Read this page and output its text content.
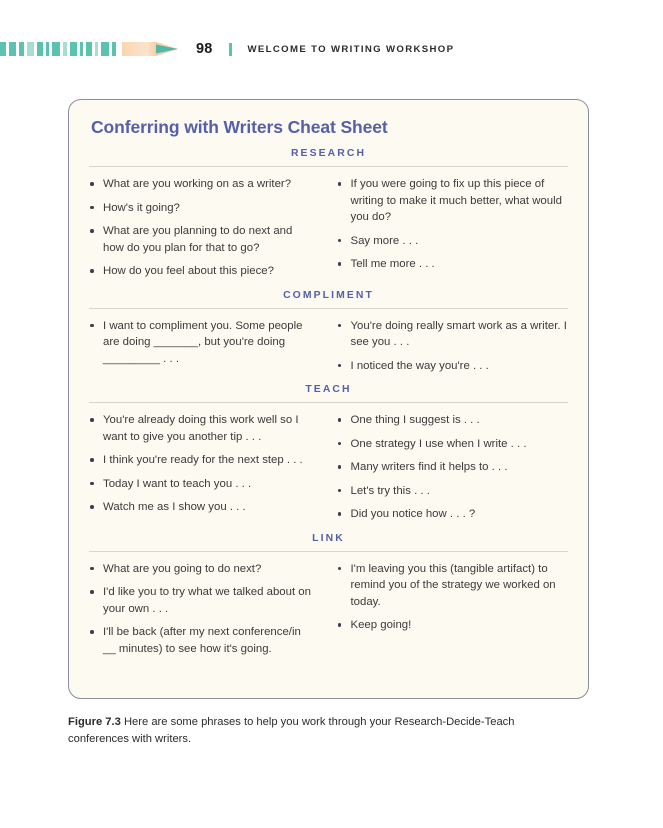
98	WELCOME TO WRITING WORKSHOP
Conferring with Writers Cheat Sheet
RESEARCH
What are you working on as a writer?
How's it going?
What are you planning to do next and how do you plan for that to go?
How do you feel about this piece?
If you were going to fix up this piece of writing to make it much better, what would you do?
Say more . . .
Tell me more . . .
COMPLIMENT
I want to compliment you. Some people are doing _______, but you're doing _________ . . .
You're doing really smart work as a writer. I see you . . .
I noticed the way you're . . .
TEACH
You're already doing this work well so I want to give you another tip . . .
I think you're ready for the next step . . .
Today I want to teach you . . .
Watch me as I show you . . .
One thing I suggest is . . .
One strategy I use when I write . . .
Many writers find it helps to . . .
Let's try this . . .
Did you notice how . . . ?
LINK
What are you going to do next?
I'd like you to try what we talked about on your own . . .
I'll be back (after my next conference/in __ minutes) to see how it's going.
I'm leaving you this (tangible artifact) to remind you of the strategy we worked on today.
Keep going!
Figure 7.3 Here are some phrases to help you work through your Research-Decide-Teach conferences with writers.
